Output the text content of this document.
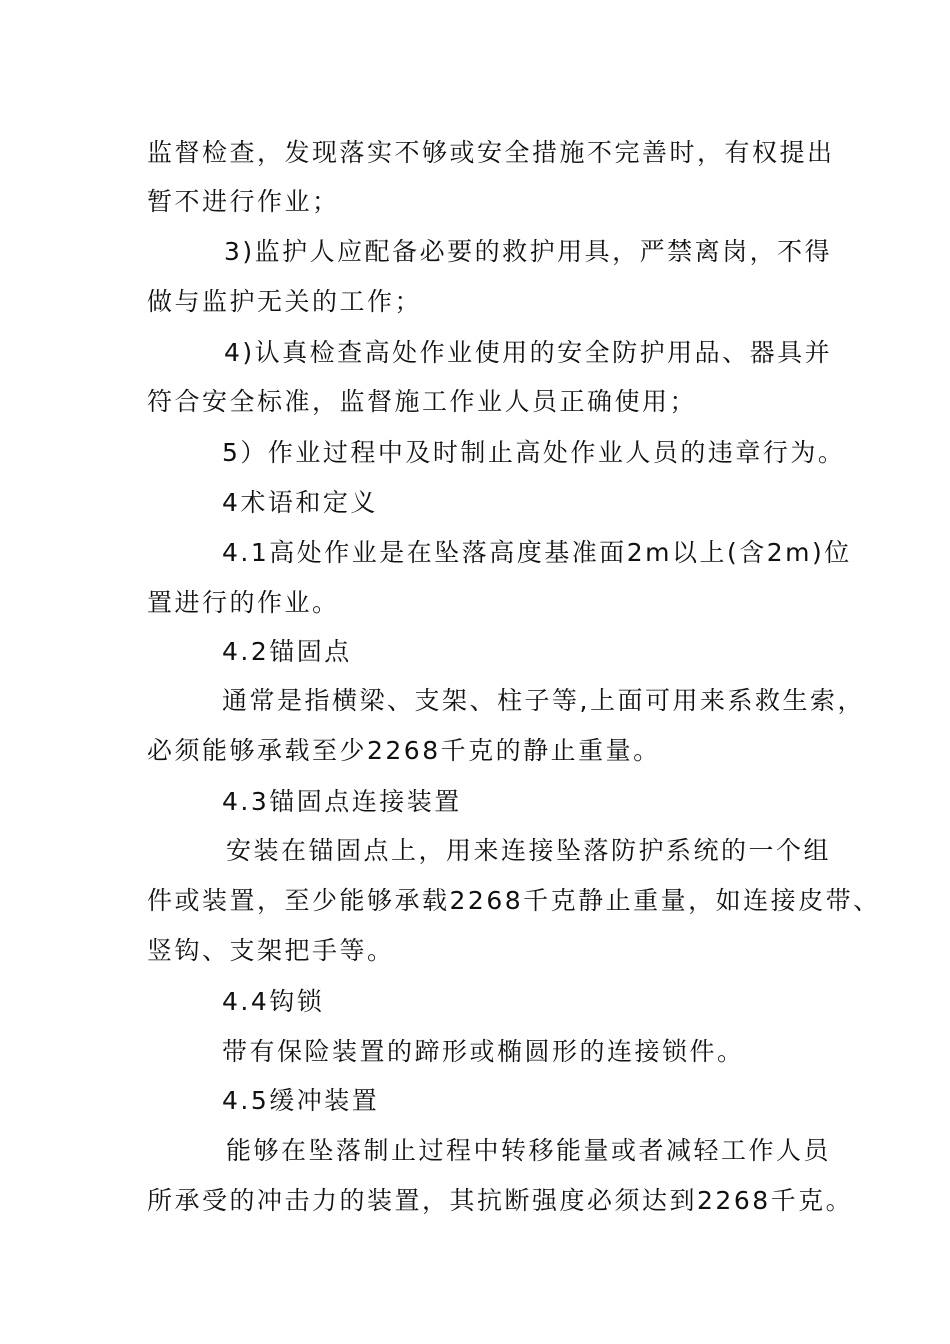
监督检查，发现落实不够或安全措施不完善时，有权提出
暂不进行作业；
3)监护人应配备必要的救护用具，严禁离岗，不得
做与监护无关的工作；
4)认真检查高处作业使用的安全防护用品、器具并
符合安全标准，监督施工作业人员正确使用；
5）作业过程中及时制止高处作业人员的违章行为。
4术语和定义
4.1高处作业是在坠落高度基准面2m以上(含2m)位
置进行的作业。
4.2锚固点
通常是指横梁、支架、柱子等,上面可用来系救生索，
必须能够承载至少2268千克的静止重量。
4.3锚固点连接装置
安装在锚固点上，用来连接坠落防护系统的一个组
件或装置，至少能够承载2268千克静止重量，如连接皮带、
竖钩、支架把手等。
4.4钩锁
带有保险装置的蹄形或椭圆形的连接锁件。
4.5缓冲装置
能够在坠落制止过程中转移能量或者减轻工作人员
所承受的冲击力的装置，其抗断强度必须达到2268千克。
